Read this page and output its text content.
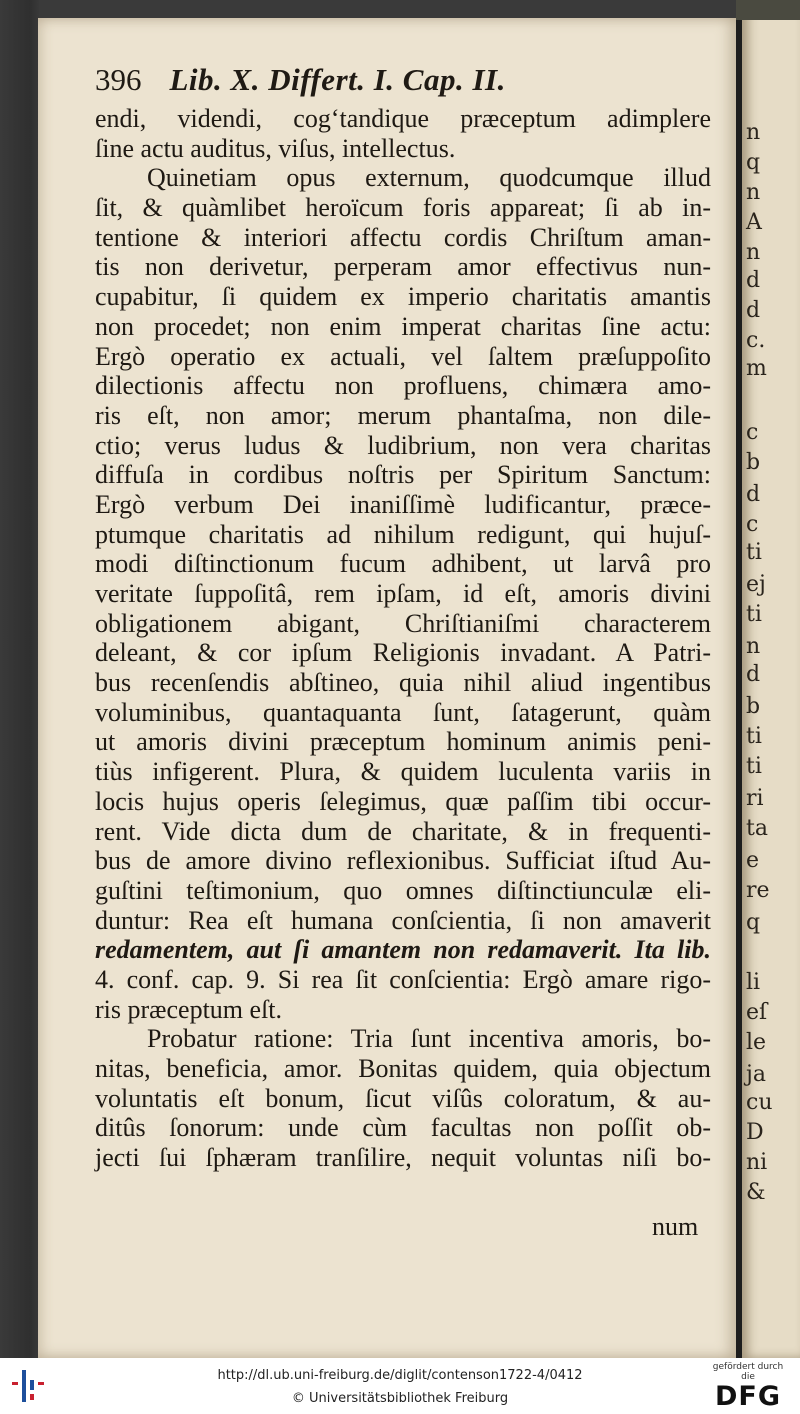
n
q
n
A
n
d
d
c.
m
c
b
d
c
ti
ej
ti
n
d
b
ti
ti
ri
ta
e
re
q
li
eſ
le
ja
cu
D
ni
&
396 Lib. X. Differt. I. Cap. II.
endi, videndi, cog‘tandique præceptum adimplere
ſine actu auditus, viſus, intellectus.
Quinetiam opus externum, quodcumque illud
ſit, & quàmlibet heroïcum foris appareat; ſi ab in-
tentione & interiori affectu cordis Chriſtum aman-
tis non derivetur, perperam amor effectivus nun-
cupabitur, ſi quidem ex imperio charitatis amantis
non procedet; non enim imperat charitas ſine actu:
Ergò operatio ex actuali, vel ſaltem præſuppoſito
dilectionis affectu non profluens, chimæra amo-
ris eſt, non amor; merum phantaſma, non dile-
ctio; verus ludus & ludibrium, non vera charitas
diffuſa in cordibus noſtris per Spiritum Sanctum:
Ergò verbum Dei inaniſſimè ludificantur, præce-
ptumque charitatis ad nihilum redigunt, qui hujuſ-
modi diſtinctionum fucum adhibent, ut larvâ pro
veritate ſuppoſitâ, rem ipſam, id eſt, amoris divini
obligationem abigant, Chriſtianiſmi characterem
deleant, & cor ipſum Religionis invadant. A Patri-
bus recenſendis abſtineo, quia nihil aliud ingentibus
voluminibus, quantaquanta ſunt, ſatagerunt, quàm
ut amoris divini præceptum hominum animis peni-
tiùs infigerent. Plura, & quidem luculenta variis in
locis hujus operis ſelegimus, quæ paſſim tibi occur-
rent. Vide dicta dum de charitate, & in frequenti-
bus de amore divino reflexionibus. Sufficiat iſtud Au-
guſtini teſtimonium, quo omnes diſtinctiunculæ eli-
duntur: Rea eſt humana conſcientia, ſi non amaverit
redamentem, aut ſi amantem non redamaverit. Ita lib.
4. conf. cap. 9. Si rea ſit conſcientia: Ergò amare rigo-
ris præceptum eſt.
Probatur ratione: Tria ſunt incentiva amoris, bo-
nitas, beneficia, amor. Bonitas quidem, quia objectum
voluntatis eſt bonum, ſicut viſûs coloratum, & au-
ditûs ſonorum: unde cùm facultas non poſſit ob-
jecti ſui ſphæram tranſilire, nequit voluntas niſi bo-
num
http://dl.ub.uni-freiburg.de/diglit/contenson1722-4/0412
© Universitätsbibliothek Freiburg
gefördert durch die
DFG
